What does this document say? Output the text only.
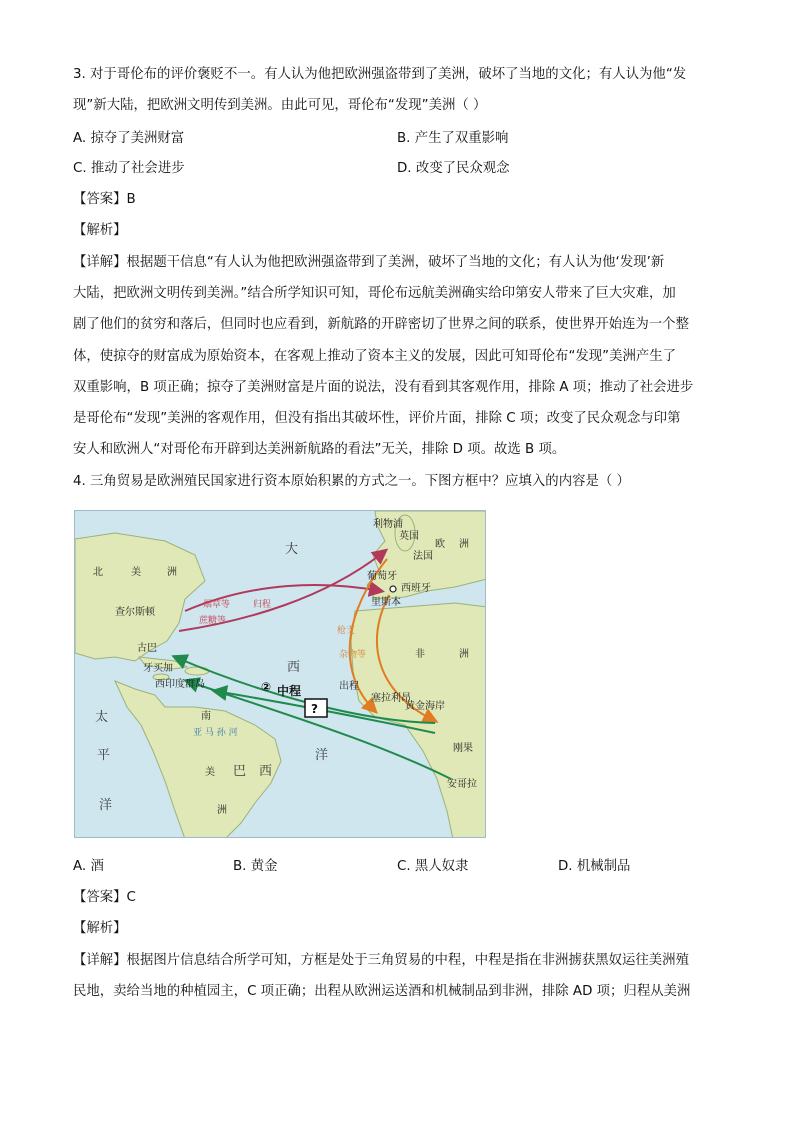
3. 对于哥伦布的评价褒贬不一。有人认为他把欧洲强盗带到了美洲，破坏了当地的文化；有人认为他“发
现”新大陆，把欧洲文明传到美洲。由此可见，哥伦布“发现”美洲（ ）
A. 掠夺了美洲财富	B. 产生了双重影响
C. 推动了社会进步	D. 改变了民众观念
【答案】B
【解析】
【详解】根据题干信息“有人认为他把欧洲强盗带到了美洲，破坏了当地的文化；有人认为他‘发现’新
大陆，把欧洲文明传到美洲。”结合所学知识可知，哥伦布远航美洲确实给印第安人带来了巨大灾难，加
剧了他们的贫穷和落后，但同时也应看到，新航路的开辟密切了世界之间的联系，使世界开始连为一个整
体，使掠夺的财富成为原始资本，在客观上推动了资本主义的发展，因此可知哥伦布“发现”美洲产生了
双重影响，B 项正确；掠夺了美洲财富是片面的说法，没有看到其客观作用，排除 A 项；推动了社会进步
是哥伦布“发现”美洲的客观作用，但没有指出其破坏性，评价片面，排除 C 项；改变了民众观念与印第
安人和欧洲人“对哥伦布开辟到达美洲新航路的看法”无关，排除 D 项。故选 B 项。
4. 三角贸易是欧洲殖民国家进行资本原始积累的方式之一。下图方框中？应填入的内容是（ ）
大
西
洋
太
平
洋
北	美	洲
南
美 巴 西
洲
欧 洲
非	洲
亚 马 孙 河
利物浦
英国
法国
葡萄牙
西班牙
里斯本
查尔斯顿
古巴
牙买加
西印度群岛
塞拉利昂
黄金海岸
刚果
安哥拉
归程
烟草等
蔗糖等
出程
枪支
杂物等
② 中程
?
A. 酒	B. 黄金	C. 黑人奴隶	D. 机械制品
【答案】C
【解析】
【详解】根据图片信息结合所学可知，方框是处于三角贸易的中程，中程是指在非洲掳获黑奴运往美洲殖
民地，卖给当地的种植园主，C 项正确；出程从欧洲运送酒和机械制品到非洲，排除 AD 项；归程从美洲
